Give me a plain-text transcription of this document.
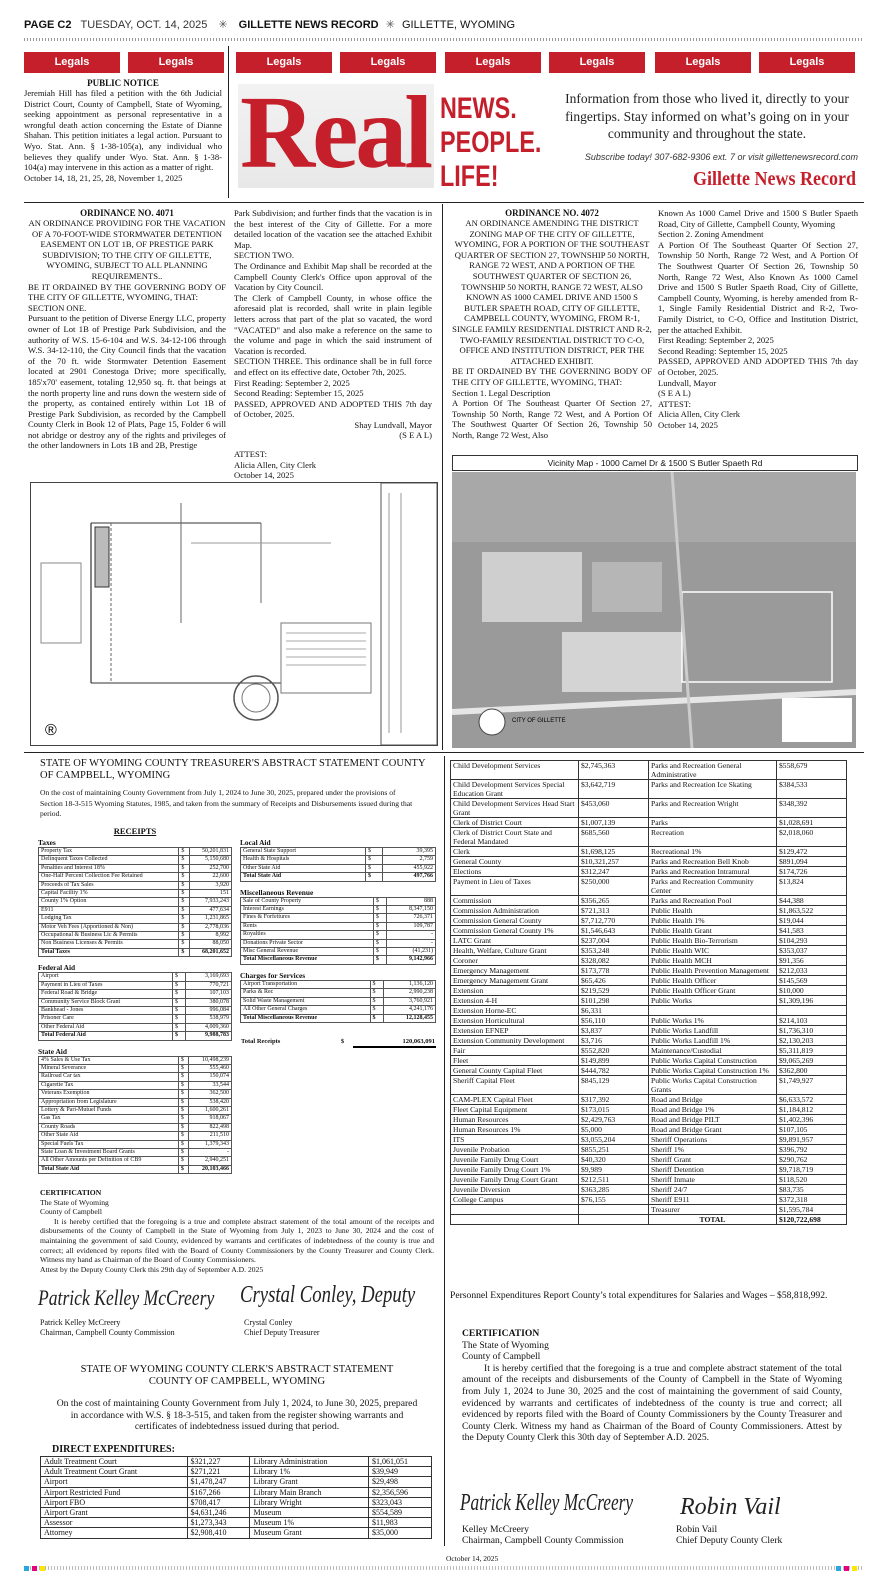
PAGE C2 TUESDAY, OCT. 14, 2025 ✳ GILLETTE NEWS RECORD ✳ GILLETTE, WYOMING
Legals	Legals	Legals	Legals	Legals	Legals	Legals	Legals
PUBLIC NOTICE
Jeremiah Hill has filed a petition with the 6th Judicial District Court, County of Campbell, State of Wyoming, seeking appointment as personal representative in a wrongful death action concerning the Estate of Dianne Shahan. This petition initiates a legal action. Pursuant to Wyo. Stat. Ann. § 1-38-105(a), any individual who believes they qualify under Wyo. Stat. Ann. § 1-38-104(a) may intervene in this action as a matter of right.
October 14, 18, 21, 25, 28, November 1, 2025 Real NEWS.
PEOPLE.
LIFE!
Information from those who lived it, directly to your fingertips. Stay informed on what’s going on in your community and throughout the state.
Subscribe today! 307-682-9306 ext. 7 or visit gillettenewsrecord.com
Gillette News Record
ORDINANCE NO. 4071
AN ORDINANCE PROVIDING FOR THE VACATION OF A 70-FOOT-WIDE STORMWATER DETENTION EASEMENT ON LOT 1B, OF PRESTIGE PARK SUBDIVISION; TO THE CITY OF GILLETTE, WYOMING, SUBJECT TO ALL PLANNING REQUIREMENTS..
BE IT ORDAINED BY THE GOVERNING BODY OF THE CITY OF GILLETTE, WYOMING, THAT:
SECTION ONE.
Pursuant to the petition of Diverse Energy LLC, property owner of Lot 1B of Prestige Park Subdivision, and the authority of W.S. 15-6-104 and W.S. 34-12-106 through W.S. 34-12-110, the City Council finds that the vacation of the 70 ft. wide Stormwater Detention Easement located at 2901 Conestoga Drive; more specifically, 185'x70' easement, totaling 12,950 sq. ft. that beings at the north property line and runs down the western side of the property, as contained entirely within Lot 1B of Prestige Park Subdivision, as recorded by the Campbell County Clerk in Book 12 of Plats, Page 15, Folder 6 will not abridge or destroy any of the rights and privileges of the other landowners in Lots 1B and 2B, Prestige
Park Subdivision; and further finds that the vacation is in the best interest of the City of Gillette. For a more detailed location of the vacation see the attached Exhibit Map.
SECTION TWO.
The Ordinance and Exhibit Map shall be recorded at the Campbell County Clerk's Office upon approval of the Vacation by City Council.
The Clerk of Campbell County, in whose office the aforesaid plat is recorded, shall write in plain legible letters across that part of the plat so vacated, the word "VACATED" and also make a reference on the same to the volume and page in which the said instrument of Vacation is recorded.
SECTION THREE. This ordinance shall be in full force and effect on its effective date, October 7th, 2025.
First Reading: September 2, 2025
Second Reading: September 15, 2025
PASSED, APPROVED AND ADOPTED THIS 7th day of October, 2025.
Shay Lundvall, Mayor
(S E A L)
ATTEST:
Alicia Allen, City Clerk
October 14, 2025
ORDINANCE NO. 4072
AN ORDINANCE AMENDING THE DISTRICT ZONING MAP OF THE CITY OF GILLETTE, WYOMING, FOR A PORTION OF THE SOUTHEAST QUARTER OF SECTION 27, TOWNSHIP 50 NORTH, RANGE 72 WEST, AND A PORTION OF THE SOUTHWEST QUARTER OF SECTION 26, TOWNSHIP 50 NORTH, RANGE 72 WEST, ALSO KNOWN AS 1000 CAMEL DRIVE AND 1500 S BUTLER SPAETH ROAD, CITY OF GILLETTE, CAMPBELL COUNTY, WYOMING, FROM R-1, SINGLE FAMILY RESIDENTIAL DISTRICT AND R-2, TWO-FAMILY RESIDENTIAL DISTRICT TO C-O, OFFICE AND INSTITUTION DISTRICT, PER THE ATTACHED EXHIBIT.
BE IT ORDAINED BY THE GOVERNING BODY OF THE CITY OF GILLETTE, WYOMING, THAT:
Section 1. Legal Description
A Portion Of The Southeast Quarter Of Section 27, Township 50 North, Range 72 West, and A Portion Of The Southwest Quarter Of Section 26, Township 50 North, Range 72 West, Also
Known As 1000 Camel Drive and 1500 S Butler Spaeth Road, City of Gillette, Campbell County, Wyoming
Section 2. Zoning Amendment
A Portion Of The Southeast Quarter Of Section 27, Township 50 North, Range 72 West, and A Portion Of The Southwest Quarter Of Section 26, Township 50 North, Range 72 West, Also Known As 1000 Camel Drive and 1500 S Butler Spaeth Road, City of Gillette, Campbell County, Wyoming, is hereby amended from R-1, Single Family Residential District and R-2, Two-Family District, to C-O, Office and Institution District, per the attached Exhibit.
First Reading: September 2, 2025
Second Reading: September 15, 2025
PASSED, APPROVED AND ADOPTED THIS 7th day of October, 2025.
Lundvall, Mayor
(S E A L)
ATTEST:
Alicia Allen, City Clerk
October 14, 2025
®
Vicinity Map - 1000 Camel Dr & 1500 S Butler Spaeth Rd
CITY OF GILLETTE
STATE OF WYOMING COUNTY TREASURER'S ABSTRACT STATEMENT COUNTY OF CAMPBELL, WYOMING
On the cost of maintaining County Government from July 1, 2024 to June 30, 2025, prepared under the provisions of Section 18-3-515 Wyoming Statutes, 1985, and taken from the summary of Receipts and Disbursements issued during that period.
RECEIPTS
Taxes
Property Tax	$	50,201,831
Delinquent Taxes Collected	$	5,150,680
Penalties and Interest 18%	$	252,700
One-Half Percent Collection Fee Retained	$	22,600
Proceeds of Tax Sales	$	3,920
Capital Facility 1%	$	151
County 1% Option	$	7,933,243
E911	$	477,634
Lodging Tax	$	1,231,865
Motor Veh Fees (Apportioned & Non)	$	2,778,036
Occupational & Business Lic & Permits	$	8,992
Non Business Licenses & Permits	$	88,050
Total Taxes	$	68,201,652
Federal Aid
Airport	$	3,169,693
Payment in Lieu of Taxes	$	770,721
Federal Road & Bridge	$	107,103
Community Service Block Grant	$	380,078
Bankhead - Jones	$	996,084
Prisoner Care	$	538,979
Other Federal Aid	$	4,009,360
Total Federal Aid	$	9,988,783
State Aid
4% Sales & Use Tax	$	10,498,239
Mineral Severance	$	555,460
Railroad Car tax	$	150,074
Cigarette Tax	$	33,544
Veterans Exemption	$	362,500
Appropriation from Legislature	$	538,420
Lottery & Pari-Mutuel Funds	$	1,600,261
Gas Tax	$	918,067
County Roads	$	822,498
Other State Aid	$	211,510
Special Fuels Tax	$	1,379,343
State Loan & Investment Board Grants	$	-
All Other Amounts per Definition of CB9	$	2,940,251
Total State Aid	$	20,103,466
Local Aid
General State Support	$	39,395
Health & Hospitals	$	2,759
Other State Aid	$	455,922
Total State Aid	$	497,766
Miscellaneous Revenue
Sale of County Property	$	888
Interest Earnings	$	8,347,150
Fines & Forfeitures	$	726,371
Rents	$	109,787
Royalties	$	-
Donations Private Sector	$	-
Misc General Revenue	$	(41,231)
Total Miscellaneous Revenue	$	9,142,966
Charges for Services
Airport Transportation	$	1,136,120
Parks & Rec	$	2,990,238
Solid Waste Management	$	3,760,921
All Other General Charges	$	4,241,176
Total Miscellaneous Revenue	$	12,128,455
Total Receipts	$	120,063,091
CERTIFICATION
The State of Wyoming
County of Campbell
It is hereby certified that the foregoing is a true and complete abstract statement of the total amount of the receipts and disbursements of the County of Campbell in the State of Wyoming from July 1, 2023 to June 30, 2024 and the cost of maintaining the government of said County, evidenced by warrants and certificates of indebtedness of the county is true and correct; all evidenced by reports filed with the Board of County Commissioners by the County Treasurer and County Clerk. Witness my hand as Chairman of the Board of County Commissioners.
Attest by the Deputy County Clerk this 29th day of September A.D. 2025
Patrick Kelley McCreery
Patrick Kelley McCreery
Chairman, Campbell County Commission
Crystal Conley, Deputy
Crystal Conley
Chief Deputy Treasurer
STATE OF WYOMING COUNTY CLERK'S ABSTRACT STATEMENT
COUNTY OF CAMPBELL, WYOMING
On the cost of maintaining County Government from July 1, 2024, to June 30, 2025, prepared in accordance with W.S. § 18-3-515, and taken from the register showing warrants and certificates of indebtedness issued during that period.
DIRECT EXPENDITURES:
Adult Treatment Court	$321,227	Library Administration	$1,061,051
Adult Treatment Court Grant	$271,221	Library 1%	$39,949
Airport	$1,478,247	Library Grant	$29,498
Airport Restricted Fund	$167,266	Library Main Branch	$2,356,596
Airport FBO	$708,417	Library Wright	$323,043
Airport Grant	$4,631,246	Museum	$554,589
Assessor	$1,273,343	Museum 1%	$11,983
Attorney	$2,908,410	Museum Grant	$35,000
Child Development Services	$2,745,363	Parks and Recreation General Administrative	$558,679
Child Development Services Special Education Grant	$3,642,719	Parks and Recreation Ice Skating	$384,533
Child Development Services Head Start Grant	$453,060	Parks and Recreation Wright	$348,392
Clerk of District Court	$1,007,139	Parks	$1,028,691
Clerk of District Court State and Federal Mandated	$685,560	Recreation	$2,018,060
Clerk	$1,698,125	Recreational 1%	$129,472
General County	$10,321,257	Parks and Recreation Bell Knob	$891,094
Elections	$312,247	Parks and Recreation Intramural	$174,726
Payment in Lieu of Taxes	$250,000	Parks and Recreation Community Center	$13,824
Commission	$356,265	Parks and Recreation Pool	$44,388
Commission Administration	$721,313	Public Health	$1,863,522
Commission General County	$7,712,770	Public Health 1%	$19,044
Commission General County 1%	$1,546,643	Public Health Grant	$41,583
LATC Grant	$237,004	Public Health Bio-Terrorism	$104,293
Health, Welfare, Culture Grant	$353,248	Public Health WIC	$353,037
Coroner	$328,082	Public Health MCH	$91,356
Emergency Management	$173,778	Public Health Prevention Management	$212,033
Emergency Management Grant	$65,426	Public Health Officer	$145,569
Extension	$219,529	Public Health Officer Grant	$10,000
Extension 4-H	$101,298	Public Works	$1,309,196
Extension Horne-EC	$6,331		
Extension Horticultural	$56,110	Public Works 1%	$214,103
Extension EFNEP	$3,837	Public Works Landfill	$1,736,310
Extension Community Development	$3,716	Public Works Landfill 1%	$2,130,203
Fair	$552,820	Maintenance/Custodial	$5,311,819
Fleet	$149,899	Public Works Capital Construction	$9,065,269
General County Capital Fleet	$444,782	Public Works Capital Construction 1%	$362,800
Sheriff Capital Fleet	$845,129	Public Works Capital Construction Grants	$1,749,927
CAM-PLEX Capital Fleet	$317,392	Road and Bridge	$6,633,572
Fleet Capital Equipment	$173,015	Road and Bridge 1%	$1,184,812
Human Resources	$2,429,763	Road and Bridge PILT	$1,402,396
Human Resources 1%	$5,000	Road and Bridge Grant	$107,105
ITS	$3,055,204	Sheriff Operations	$9,891,957
Juvenile Probation	$855,251	Sheriff 1%	$396,792
Juvenile Family Drug Court	$40,320	Sheriff Grant	$290,762
Juvenile Family Drug Court 1%	$9,989	Sheriff Detention	$9,718,719
Juvenile Family Drug Court Grant	$212,511	Sheriff Inmate	$118,520
Juvenile Diversion	$363,285	Sheriff 24/7	$83,735
College Campus	$76,155	Sheriff E911	$372,318
		Treasurer	$1,595,784
		TOTAL	$120,722,698
Personnel Expenditures Report County’s total expenditures for Salaries and Wages – $58,818,992.
CERTIFICATION
The State of Wyoming
County of Campbell
It is hereby certified that the foregoing is a true and complete abstract statement of the total amount of the receipts and disbursements of the County of Campbell in the State of Wyoming from July 1, 2024 to June 30, 2025 and the cost of maintaining the government of said County, evidenced by warrants and certificates of indebtedness of the county is true and correct; all evidenced by reports filed with the Board of County Commissioners by the County Treasurer and County Clerk. Witness my hand as Chairman of the Board of County Commissioners. Attest by the Deputy County Clerk this 30th day of September A.D. 2025.
Patrick Kelley McCreery
Kelley McCreery
Chairman, Campbell County Commission
Robin Vail
Robin Vail
Chief Deputy County Clerk
October 14, 2025
